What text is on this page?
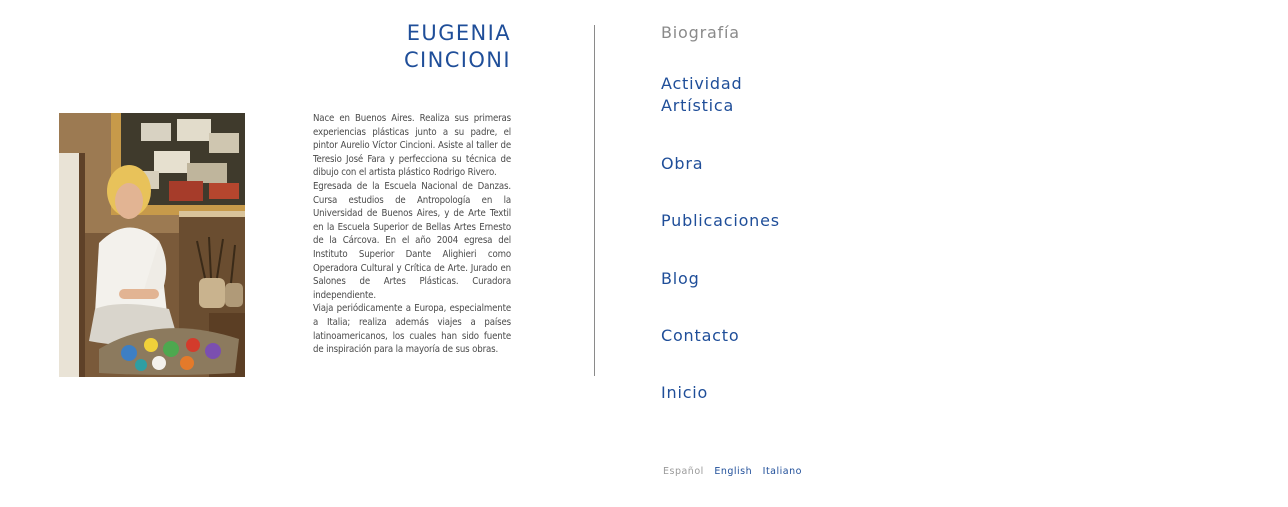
EUGENIA
CINCIONI

Nace en Buenos Aires. Realiza sus primeras experiencias plásticas junto a su padre, el pintor Aurelio Víctor Cincioni. Asiste al taller de Teresio José Fara y perfecciona su técnica de dibujo con el artista plástico Rodrigo Rivero.

Egresada de la Escuela Nacional de Danzas. Cursa estudios de Antropología en la Universidad de Buenos Aires, y de Arte Textil en la Escuela Superior de Bellas Artes Ernesto de la Cárcova. En el año 2004 egresa del Instituto Superior Dante Alighieri como Operadora Cultural y Crítica de Arte. Jurado en Salones de Artes Plásticas. Curadora independiente.

Viaja periódicamente a Europa, especialmente a Italia; realiza además viajes a países latinoamericanos, los cuales han sido fuente de inspiración para la mayoría de sus obras.

Biografía
Actividad
Artística
Obra
Publicaciones
Blog
Contacto
Inicio
Español English Italiano
